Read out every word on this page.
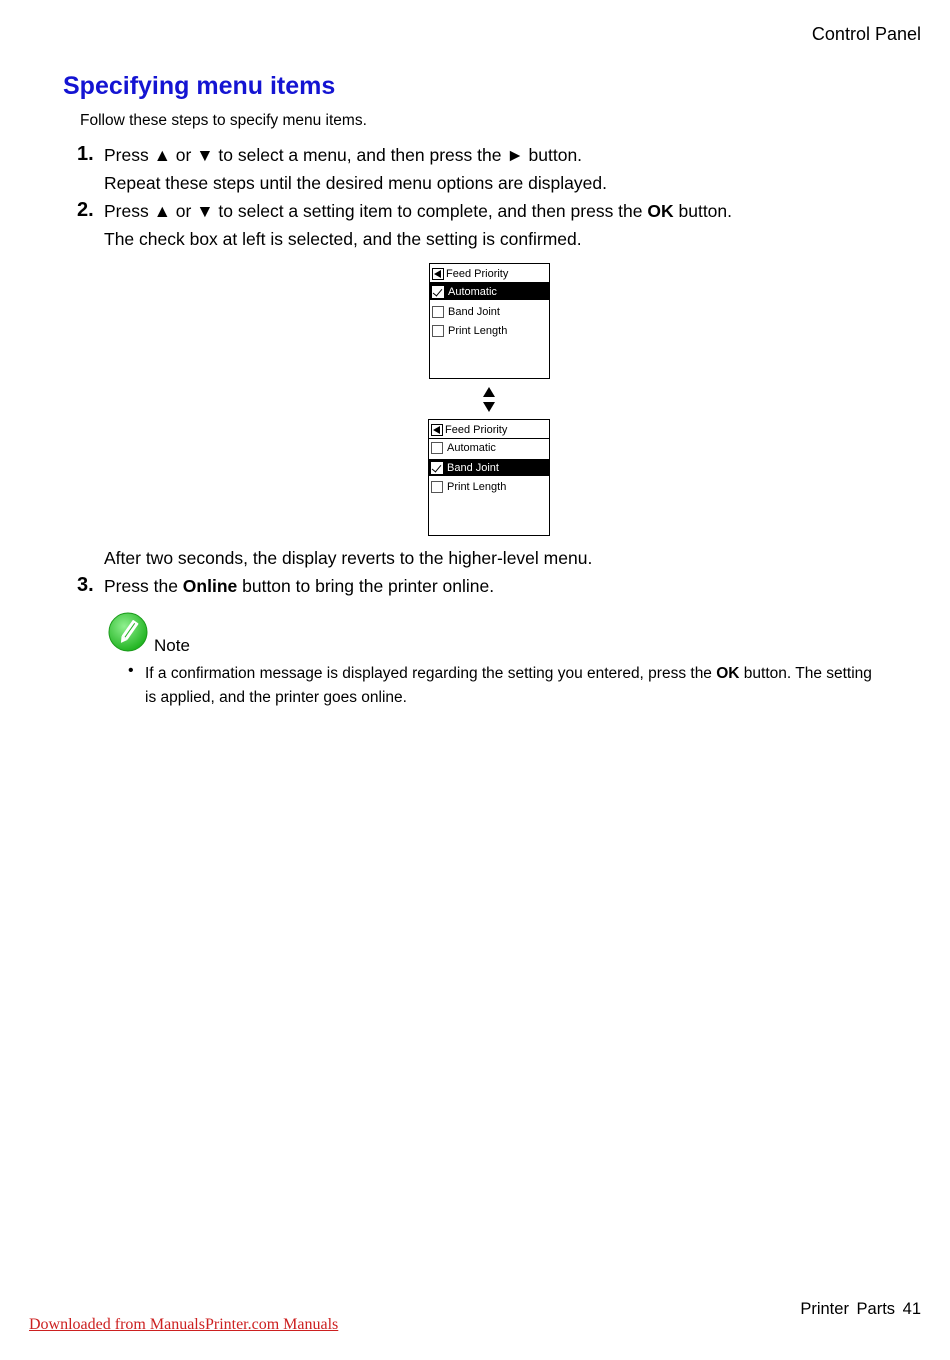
Control Panel
Specifying menu items
Follow these steps to specify menu items.
1. Press ▲ or ▼ to select a menu, and then press the ► button.
Repeat these steps until the desired menu options are displayed.
2. Press ▲ or ▼ to select a setting item to complete, and then press the OK button.
The check box at left is selected, and the setting is confirmed.
Feed Priority
Automatic
Band Joint
Print Length
Feed Priority
Automatic
Band Joint
Print Length
After two seconds, the display reverts to the higher-level menu.
3. Press the Online button to bring the printer online.
Note
• If a confirmation message is displayed regarding the setting you entered, press the OK button. The setting is applied, and the printer goes online.
Printer Parts 41
Downloaded from ManualsPrinter.com Manuals
